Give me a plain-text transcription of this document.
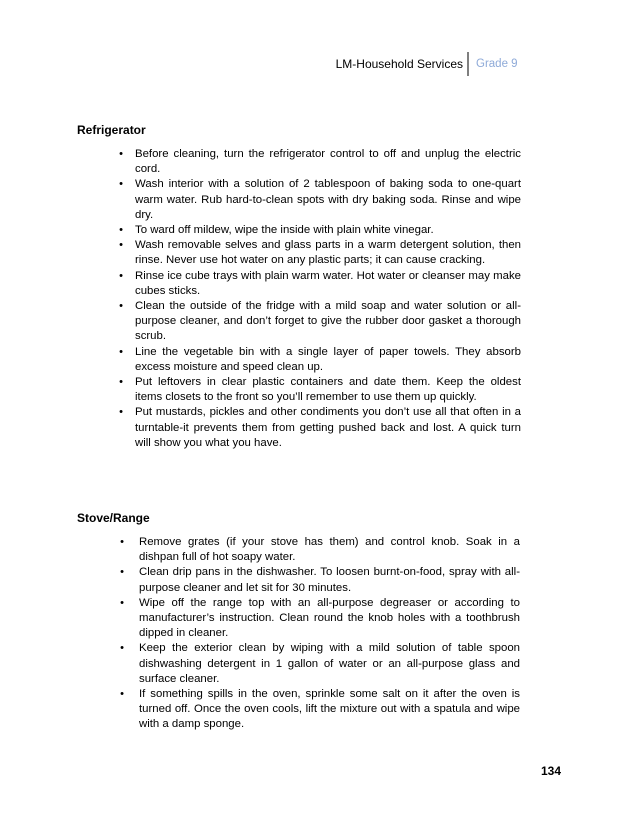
LM-Household Services Grade 9
Refrigerator
• Before cleaning, turn the refrigerator control to off and unplug the electric cord.
• Wash interior with a solution of 2 tablespoon of baking soda to one-quart warm water. Rub hard-to-clean spots with dry baking soda. Rinse and wipe dry.
• To ward off mildew, wipe the inside with plain white vinegar.
• Wash removable selves and glass parts in a warm detergent solution, then rinse. Never use hot water on any plastic parts; it can cause cracking.
• Rinse ice cube trays with plain warm water. Hot water or cleanser may make cubes sticks.
• Clean the outside of the fridge with a mild soap and water solution or all-purpose cleaner, and don’t forget to give the rubber door gasket a thorough scrub.
• Line the vegetable bin with a single layer of paper towels. They absorb excess moisture and speed clean up.
• Put leftovers in clear plastic containers and date them. Keep the oldest items closets to the front so you’ll remember to use them up quickly.
• Put mustards, pickles and other condiments you don’t use all that often in a turntable-it prevents them from getting pushed back and lost. A quick turn will show you what you have.
Stove/Range
• Remove grates (if your stove has them) and control knob. Soak in a dishpan full of hot soapy water.
• Clean drip pans in the dishwasher. To loosen burnt-on-food, spray with all-purpose cleaner and let sit for 30 minutes.
• Wipe off the range top with an all-purpose degreaser or according to manufacturer’s instruction. Clean round the knob holes with a toothbrush dipped in cleaner.
• Keep the exterior clean by wiping with a mild solution of table spoon dishwashing detergent in 1 gallon of water or an all-purpose glass and surface cleaner.
• If something spills in the oven, sprinkle some salt on it after the oven is turned off. Once the oven cools, lift the mixture out with a spatula and wipe with a damp sponge.
134
